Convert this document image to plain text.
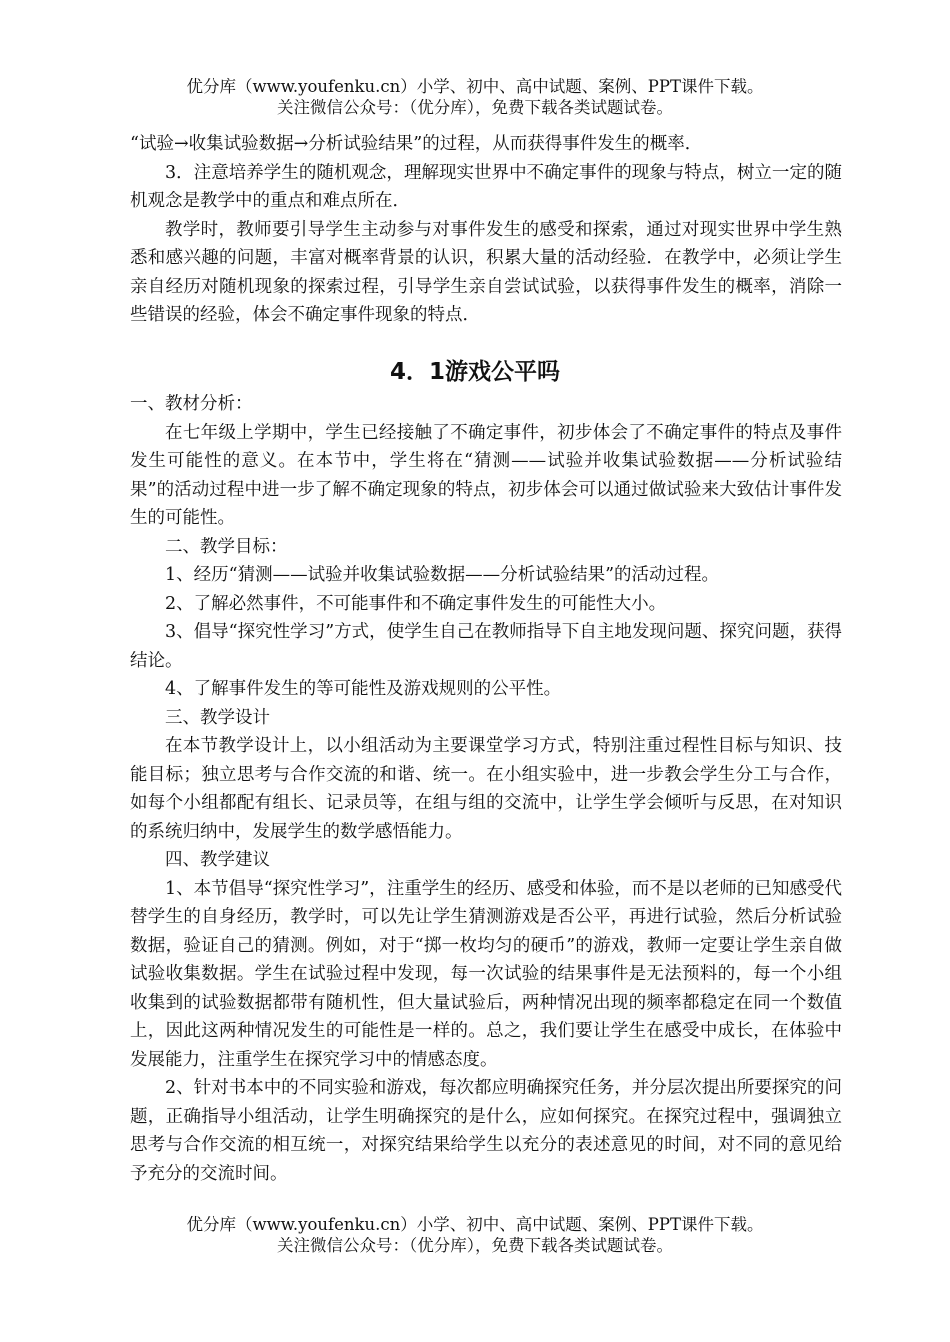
优分库（www.youfenku.cn）小学、初中、高中试题、案例、PPT课件下载。
关注微信公众号：（优分库），免费下载各类试题试卷。

“试验→收集试验数据→分析试验结果”的过程，从而获得事件发生的概率．

3．注意培养学生的随机观念，理解现实世界中不确定事件的现象与特点，树立一定的随机观念是教学中的重点和难点所在．

教学时，教师要引导学生主动参与对事件发生的感受和探索，通过对现实世界中学生熟悉和感兴趣的问题，丰富对概率背景的认识，积累大量的活动经验．在教学中，必须让学生亲自经历对随机现象的探索过程，引导学生亲自尝试试验，以获得事件发生的概率，消除一些错误的经验，体会不确定事件现象的特点．

4．1游戏公平吗

一、教材分析：

在七年级上学期中，学生已经接触了不确定事件，初步体会了不确定事件的特点及事件发生可能性的意义。在本节中，学生将在“猜测——试验并收集试验数据——分析试验结果”的活动过程中进一步了解不确定现象的特点，初步体会可以通过做试验来大致估计事件发生的可能性。

二、教学目标：

1、经历“猜测——试验并收集试验数据——分析试验结果”的活动过程。

2、了解必然事件，不可能事件和不确定事件发生的可能性大小。

3、倡导“探究性学习”方式，使学生自己在教师指导下自主地发现问题、探究问题，获得结论。

4、了解事件发生的等可能性及游戏规则的公平性。

三、教学设计

在本节教学设计上，以小组活动为主要课堂学习方式，特别注重过程性目标与知识、技能目标；独立思考与合作交流的和谐、统一。在小组实验中，进一步教会学生分工与合作，如每个小组都配有组长、记录员等，在组与组的交流中，让学生学会倾听与反思，在对知识的系统归纳中，发展学生的数学感悟能力。

四、教学建议

1、本节倡导“探究性学习”，注重学生的经历、感受和体验，而不是以老师的已知感受代替学生的自身经历，教学时，可以先让学生猜测游戏是否公平，再进行试验，然后分析试验数据，验证自己的猜测。例如，对于“掷一枚均匀的硬币”的游戏，教师一定要让学生亲自做试验收集数据。学生在试验过程中发现，每一次试验的结果事件是无法预料的，每一个小组收集到的试验数据都带有随机性，但大量试验后，两种情况出现的频率都稳定在同一个数值上，因此这两种情况发生的可能性是一样的。总之，我们要让学生在感受中成长，在体验中发展能力，注重学生在探究学习中的情感态度。

2、针对书本中的不同实验和游戏，每次都应明确探究任务，并分层次提出所要探究的问题，正确指导小组活动，让学生明确探究的是什么，应如何探究。在探究过程中，强调独立思考与合作交流的相互统一，对探究结果给学生以充分的表述意见的时间，对不同的意见给予充分的交流时间。

优分库（www.youfenku.cn）小学、初中、高中试题、案例、PPT课件下载。
关注微信公众号：（优分库），免费下载各类试题试卷。
